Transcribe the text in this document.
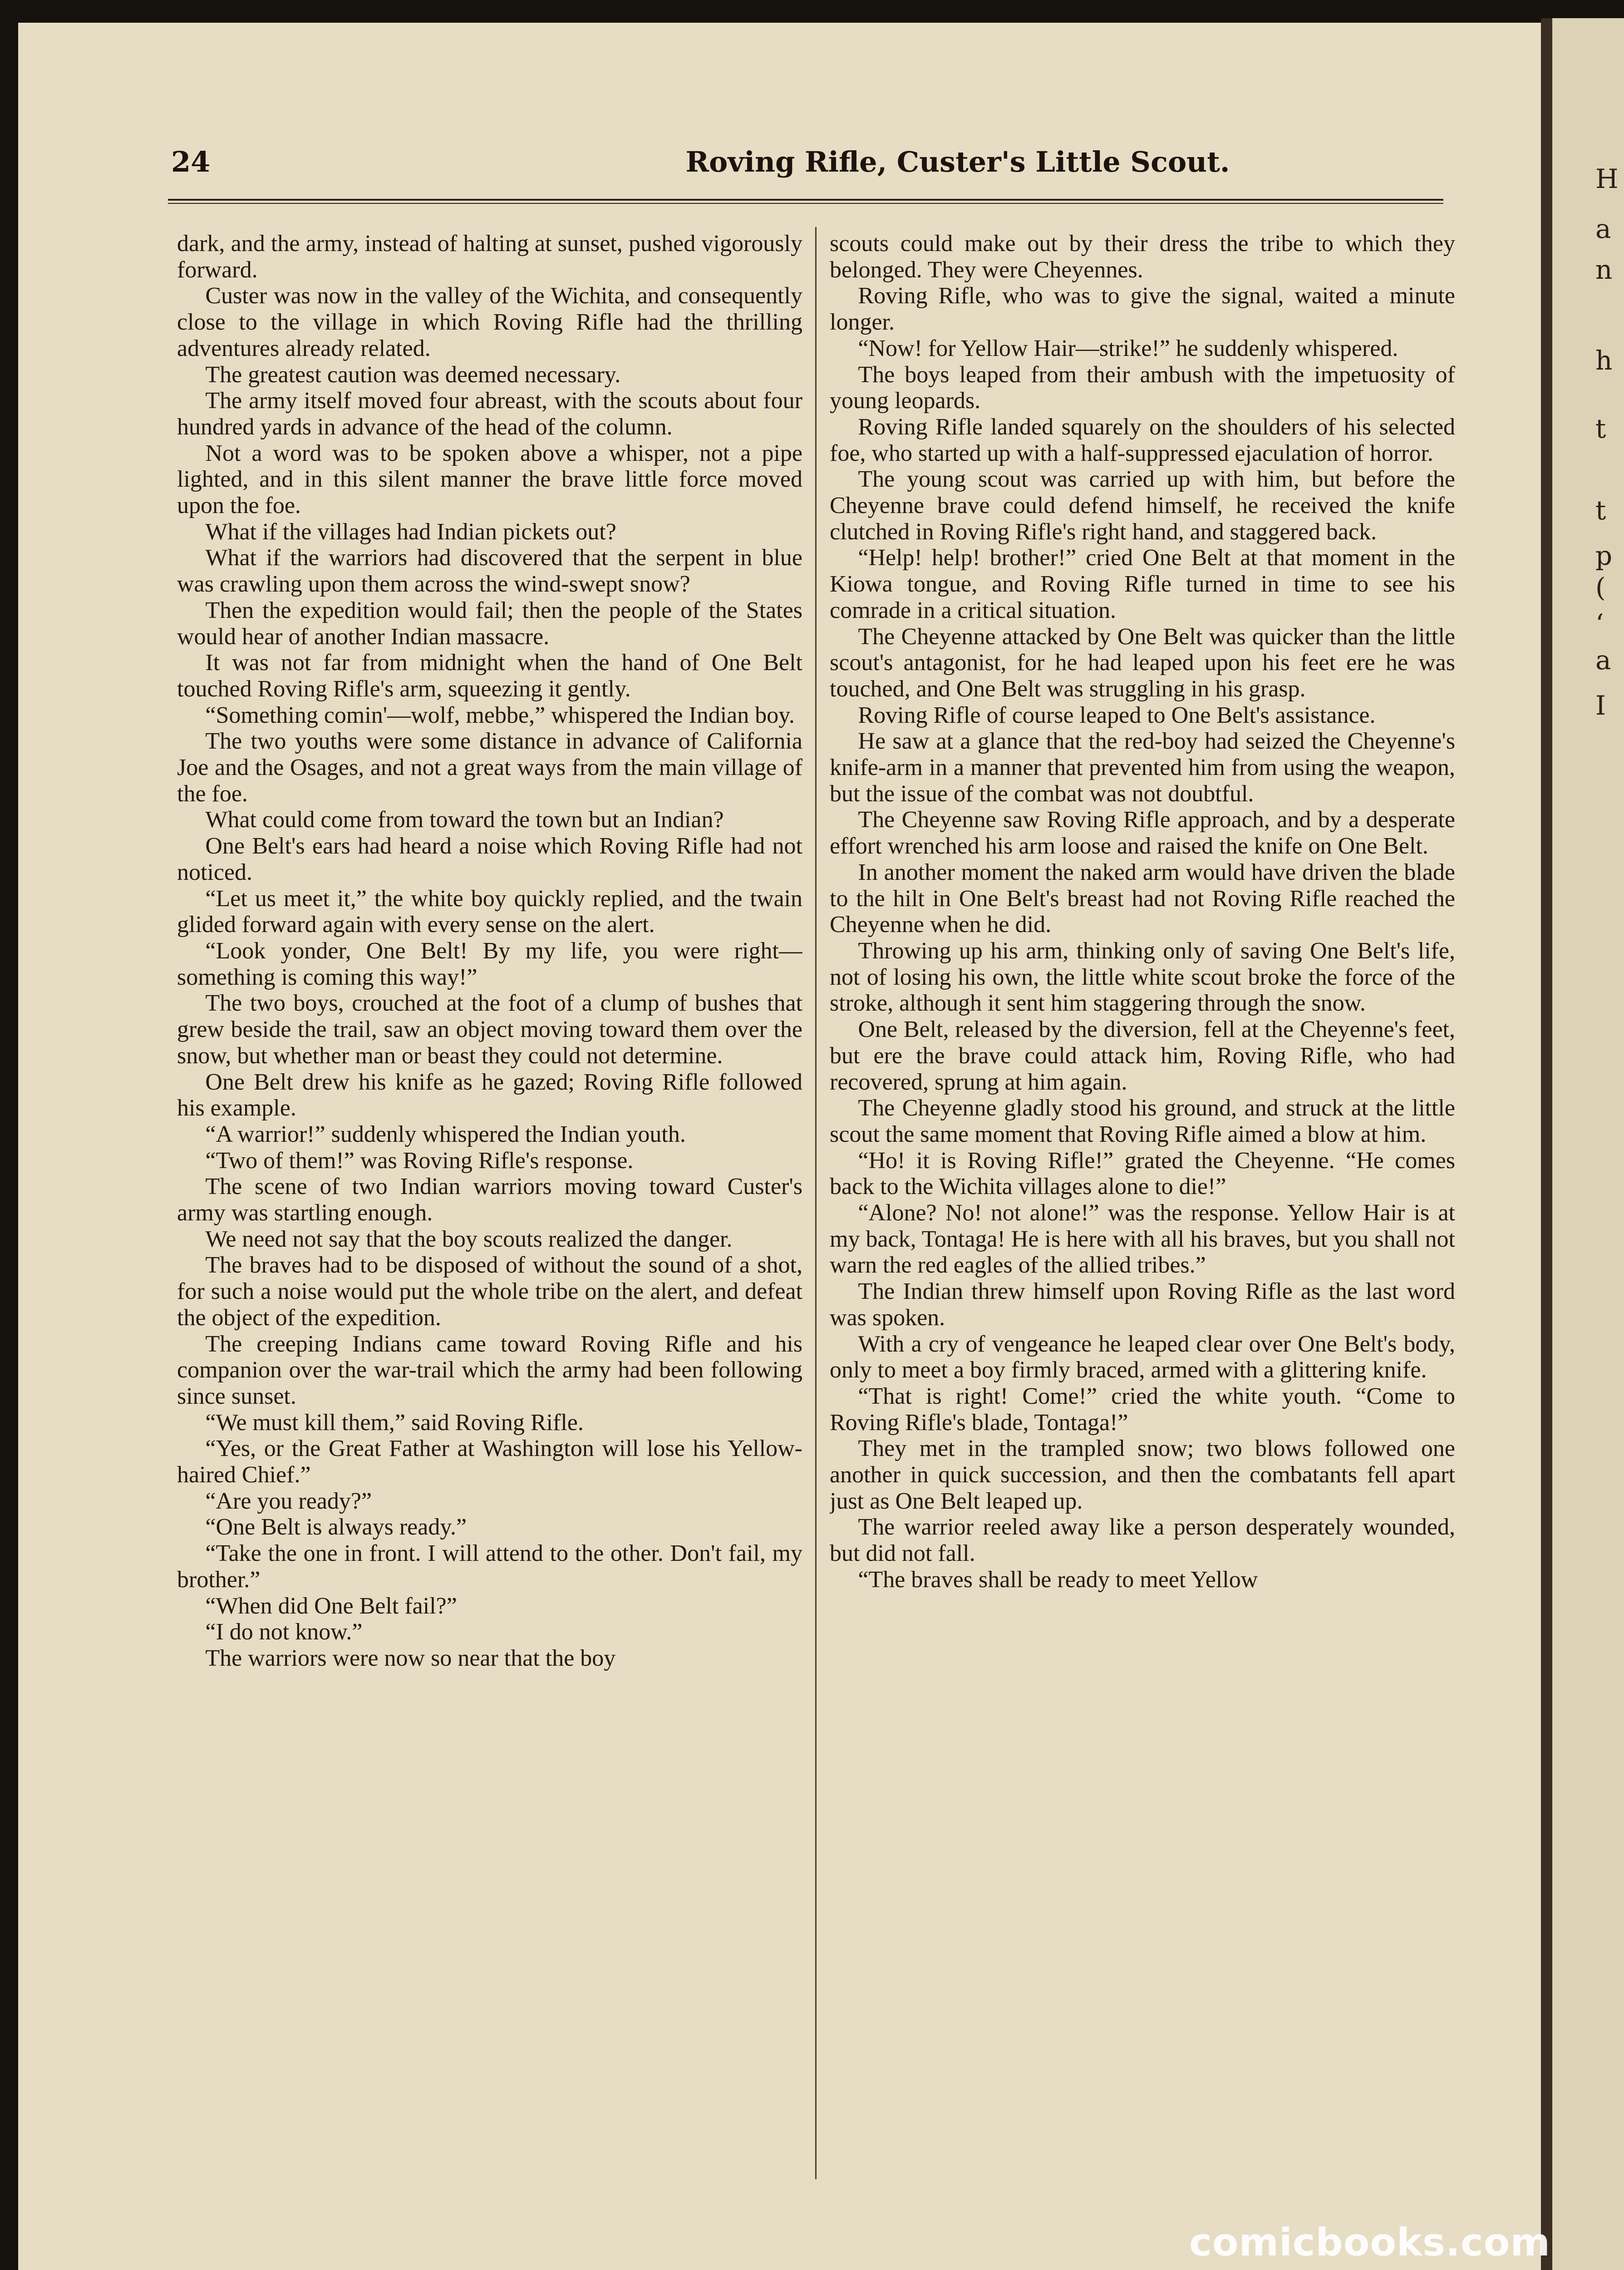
H
a
n
h
t
t
p
(
‘
a
I
24	Roving Rifle, Custer's Little Scout.

dark, and the army, instead of halting at sunset, pushed vigorously forward.

Custer was now in the valley of the Wichita, and consequently close to the village in which Roving Rifle had the thrilling adventures already related.

The greatest caution was deemed necessary.

The army itself moved four abreast, with the scouts about four hundred yards in advance of the head of the column.

Not a word was to be spoken above a whisper, not a pipe lighted, and in this silent manner the brave little force moved upon the foe.

What if the villages had Indian pickets out?

What if the warriors had discovered that the serpent in blue was crawling upon them across the wind-swept snow?

Then the expedition would fail; then the people of the States would hear of another Indian massacre.

It was not far from midnight when the hand of One Belt touched Roving Rifle's arm, squeezing it gently.

“Something comin'—wolf, mebbe,” whispered the Indian boy.

The two youths were some distance in advance of California Joe and the Osages, and not a great ways from the main village of the foe.

What could come from toward the town but an Indian?

One Belt's ears had heard a noise which Roving Rifle had not noticed.

“Let us meet it,” the white boy quickly replied, and the twain glided forward again with every sense on the alert.

“Look yonder, One Belt! By my life, you were right—something is coming this way!”

The two boys, crouched at the foot of a clump of bushes that grew beside the trail, saw an object moving toward them over the snow, but whether man or beast they could not determine.

One Belt drew his knife as he gazed; Roving Rifle followed his example.

“A warrior!” suddenly whispered the Indian youth.

“Two of them!” was Roving Rifle's response.

The scene of two Indian warriors moving toward Custer's army was startling enough.

We need not say that the boy scouts realized the danger.

The braves had to be disposed of without the sound of a shot, for such a noise would put the whole tribe on the alert, and defeat the object of the expedition.

The creeping Indians came toward Roving Rifle and his companion over the war-trail which the army had been following since sunset.

“We must kill them,” said Roving Rifle.

“Yes, or the Great Father at Washington will lose his Yellow-haired Chief.”

“Are you ready?”

“One Belt is always ready.”

“Take the one in front. I will attend to the other. Don't fail, my brother.”

“When did One Belt fail?”

“I do not know.”

The warriors were now so near that the boy

scouts could make out by their dress the tribe to which they belonged. They were Cheyennes.

Roving Rifle, who was to give the signal, waited a minute longer.

“Now! for Yellow Hair—strike!” he suddenly whispered.

The boys leaped from their ambush with the impetuosity of young leopards.

Roving Rifle landed squarely on the shoulders of his selected foe, who started up with a half-suppressed ejaculation of horror.

The young scout was carried up with him, but before the Cheyenne brave could defend himself, he received the knife clutched in Roving Rifle's right hand, and staggered back.

“Help! help! brother!” cried One Belt at that moment in the Kiowa tongue, and Roving Rifle turned in time to see his comrade in a critical situation.

The Cheyenne attacked by One Belt was quicker than the little scout's antagonist, for he had leaped upon his feet ere he was touched, and One Belt was struggling in his grasp.

Roving Rifle of course leaped to One Belt's assistance.

He saw at a glance that the red-boy had seized the Cheyenne's knife-arm in a manner that prevented him from using the weapon, but the issue of the combat was not doubtful.

The Cheyenne saw Roving Rifle approach, and by a desperate effort wrenched his arm loose and raised the knife on One Belt.

In another moment the naked arm would have driven the blade to the hilt in One Belt's breast had not Roving Rifle reached the Cheyenne when he did.

Throwing up his arm, thinking only of saving One Belt's life, not of losing his own, the little white scout broke the force of the stroke, although it sent him staggering through the snow.

One Belt, released by the diversion, fell at the Cheyenne's feet, but ere the brave could attack him, Roving Rifle, who had recovered, sprung at him again.

The Cheyenne gladly stood his ground, and struck at the little scout the same moment that Roving Rifle aimed a blow at him.

“Ho! it is Roving Rifle!” grated the Cheyenne. “He comes back to the Wichita villages alone to die!”

“Alone? No! not alone!” was the response. Yellow Hair is at my back, Tontaga! He is here with all his braves, but you shall not warn the red eagles of the allied tribes.”

The Indian threw himself upon Roving Rifle as the last word was spoken.

With a cry of vengeance he leaped clear over One Belt's body, only to meet a boy firmly braced, armed with a glittering knife.

“That is right! Come!” cried the white youth. “Come to Roving Rifle's blade, Tontaga!”

They met in the trampled snow; two blows followed one another in quick succession, and then the combatants fell apart just as One Belt leaped up.

The warrior reeled away like a person desperately wounded, but did not fall.

“The braves shall be ready to meet Yellow

comicbooks.com
